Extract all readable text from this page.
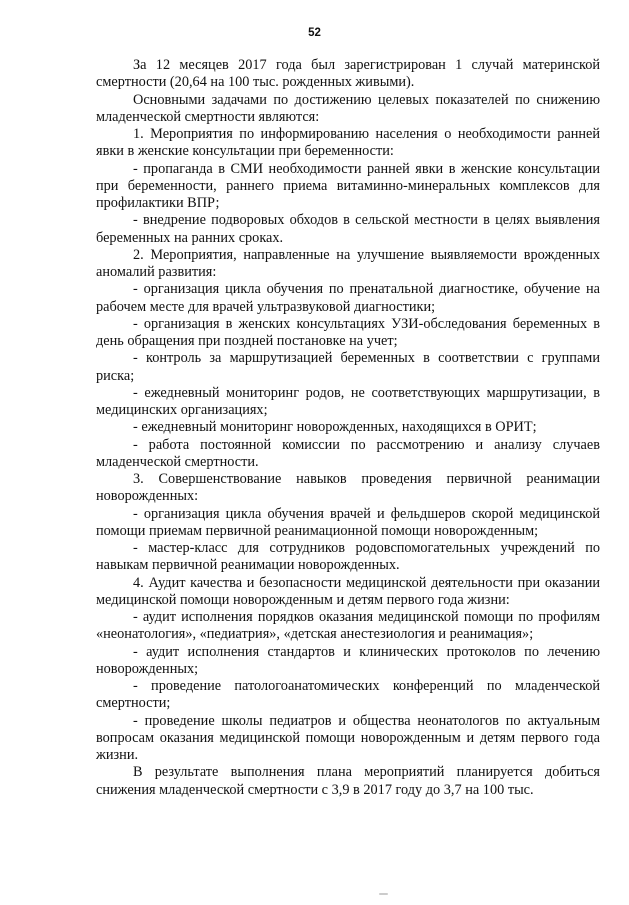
52

За 12 месяцев 2017 года был зарегистрирован 1 случай материнской смертности (20,64 на 100 тыс. рожденных живыми).

Основными задачами по достижению целевых показателей по снижению младенческой смертности являются:

1. Мероприятия по информированию населения о необходимости ранней явки в женские консультации при беременности:

- пропаганда в СМИ необходимости ранней явки в женские консультации при беременности, раннего приема витаминно-минеральных комплексов для профилактики ВПР;

- внедрение подворовых обходов в сельской местности в целях выявления беременных на ранних сроках.

2. Мероприятия, направленные на улучшение выявляемости врожденных аномалий развития:

- организация цикла обучения по пренатальной диагностике, обучение на рабочем месте для врачей ультразвуковой диагностики;

- организация в женских консультациях УЗИ-обследования беременных в день обращения при поздней постановке на учет;

- контроль за маршрутизацией беременных в соответствии с группами риска;

- ежедневный мониторинг родов, не соответствующих маршрутизации, в медицинских организациях;

- ежедневный мониторинг новорожденных, находящихся в ОРИТ;

- работа постоянной комиссии по рассмотрению и анализу случаев младенческой смертности.

3. Совершенствование навыков проведения первичной реанимации новорожденных:

- организация цикла обучения врачей и фельдшеров скорой медицинской помощи приемам первичной реанимационной помощи новорожденным;

- мастер-класс для сотрудников родовспомогательных учреждений по навыкам первичной реанимации новорожденных.

4. Аудит качества и безопасности медицинской деятельности при оказании медицинской помощи новорожденным и детям первого года жизни:

- аудит исполнения порядков оказания медицинской помощи по профилям «неонатология», «педиатрия», «детская анестезиология и реанимация»;

- аудит исполнения стандартов и клинических протоколов по лечению новорожденных;

- проведение патологоанатомических конференций по младенческой смертности;

- проведение школы педиатров и общества неонатологов по актуальным вопросам оказания медицинской помощи новорожденным и детям первого года жизни.

В результате выполнения плана мероприятий планируется добиться снижения младенческой смертности с 3,9 в 2017 году до 3,7 на 100 тыс.
